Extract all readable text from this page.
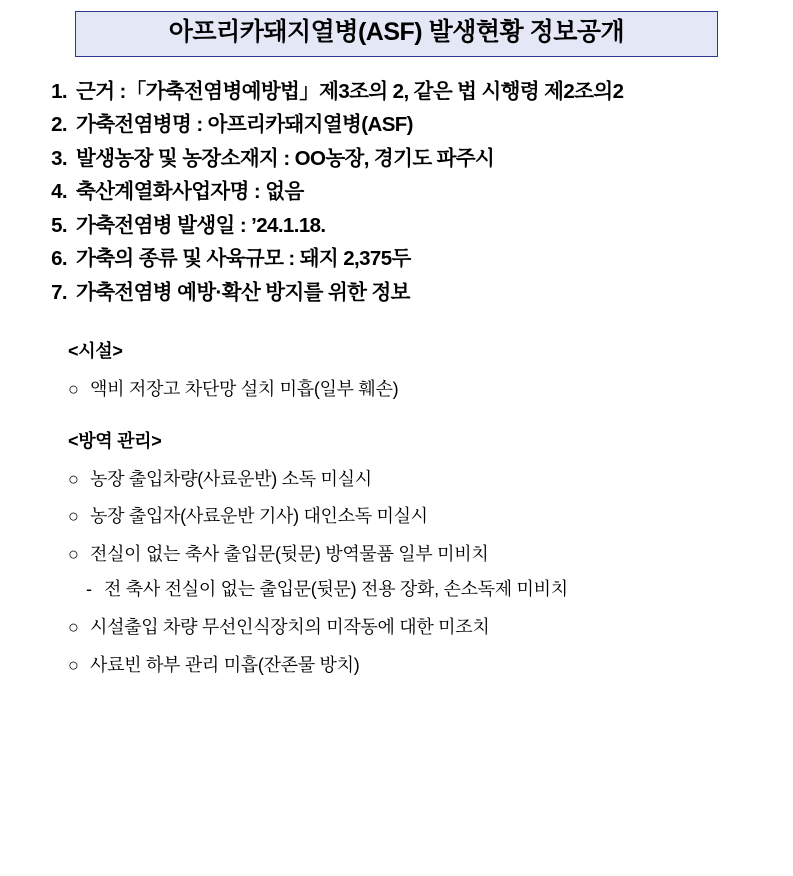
아프리카돼지열병(ASF) 발생현황 정보공개
1. 근거 :「가축전염병예방법」제3조의 2, 같은 법 시행령 제2조의2
2. 가축전염병명 : 아프리카돼지열병(ASF)
3. 발생농장 및 농장소재지 : OO농장, 경기도 파주시
4. 축산계열화사업자명 : 없음
5. 가축전염병 발생일 : ’24.1.18.
6. 가축의 종류 및 사육규모 : 돼지 2,375두
7. 가축전염병 예방·확산 방지를 위한 정보
<시설>
○ 액비 저장고 차단망 설치 미흡(일부 훼손)
<방역 관리>
○ 농장 출입차량(사료운반) 소독 미실시
○ 농장 출입자(사료운반 기사) 대인소독 미실시
○ 전실이 없는 축사 출입문(뒷문) 방역물품 일부 미비치
- 전 축사 전실이 없는 출입문(뒷문) 전용 장화, 손소독제 미비치
○ 시설출입 차량 무선인식장치의 미작동에 대한 미조치
○ 사료빈 하부 관리 미흡(잔존물 방치)
